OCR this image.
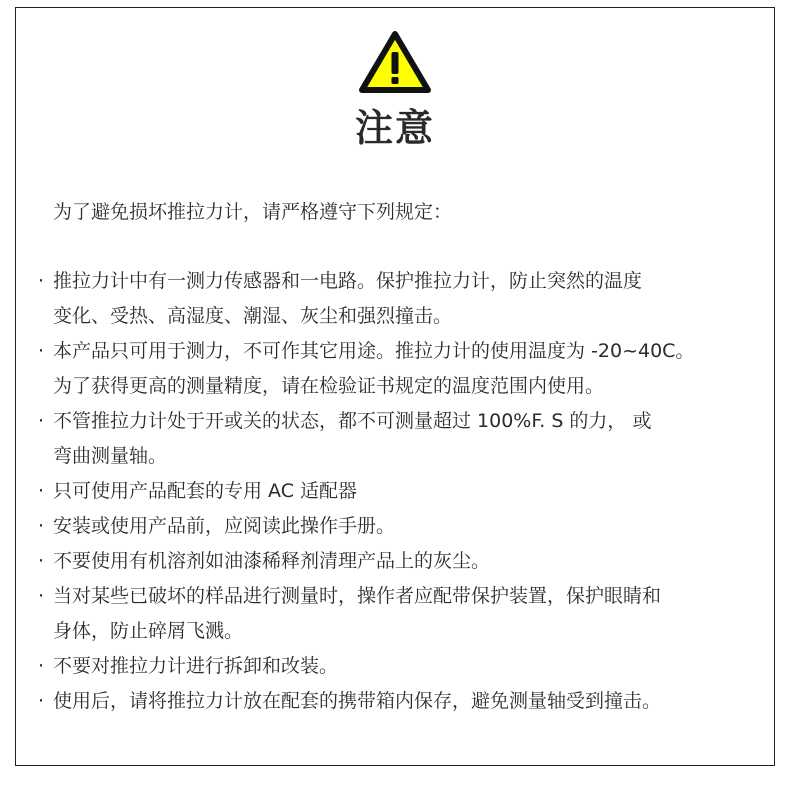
注意
为了避免损坏推拉力计，请严格遵守下列规定：
· 推拉力计中有一测力传感器和一电路。保护推拉力计，防止突然的温度
变化、受热、高湿度、潮湿、灰尘和强烈撞击。
· 本产品只可用于测力，不可作其它用途。推拉力计的使用温度为 -20~40C。
为了获得更高的测量精度，请在检验证书规定的温度范围内使用。
· 不管推拉力计处于开或关的状态，都不可测量超过 100%F. S 的力， 或
弯曲测量轴。
· 只可使用产品配套的专用 AC 适配器
· 安装或使用产品前，应阅读此操作手册。
· 不要使用有机溶剂如油漆稀释剂清理产品上的灰尘。
· 当对某些已破坏的样品进行测量时，操作者应配带保护装置，保护眼睛和
身体，防止碎屑飞溅。
· 不要对推拉力计进行拆卸和改装。
· 使用后，请将推拉力计放在配套的携带箱内保存，避免测量轴受到撞击。
